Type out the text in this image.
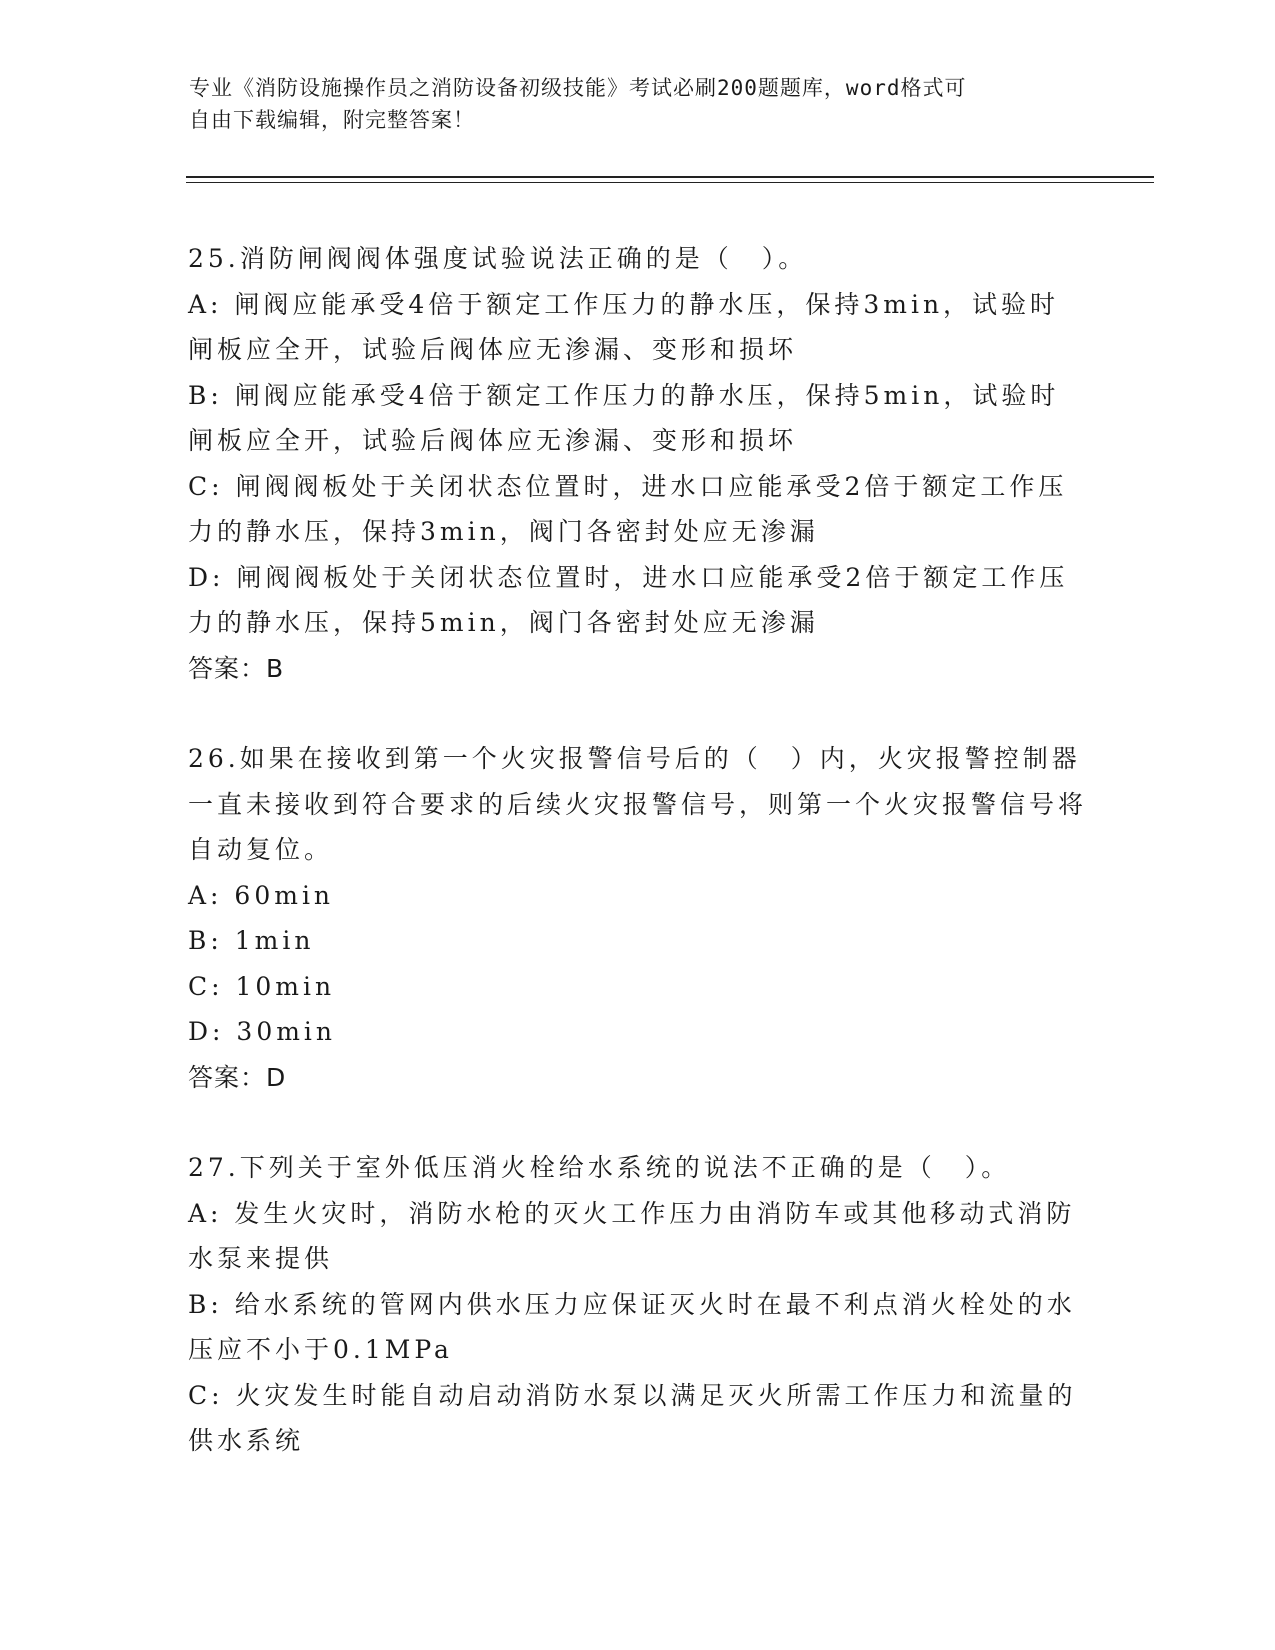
专业《消防设施操作员之消防设备初级技能》考试必刷200题题库，word格式可
自由下载编辑，附完整答案！

25.消防闸阀阀体强度试验说法正确的是（　）。

A: 闸阀应能承受4倍于额定工作压力的静水压，保持3min，试验时闸板应全开，试验后阀体应无渗漏、变形和损坏

B: 闸阀应能承受4倍于额定工作压力的静水压，保持5min，试验时闸板应全开，试验后阀体应无渗漏、变形和损坏

C: 闸阀阀板处于关闭状态位置时，进水口应能承受2倍于额定工作压力的静水压，保持3min，阀门各密封处应无渗漏

D: 闸阀阀板处于关闭状态位置时，进水口应能承受2倍于额定工作压力的静水压，保持5min，阀门各密封处应无渗漏

答案：B

26.如果在接收到第一个火灾报警信号后的（　）内，火灾报警控制器一直未接收到符合要求的后续火灾报警信号，则第一个火灾报警信号将自动复位。

A: 60min

B: 1min

C: 10min

D: 30min

答案：D

27.下列关于室外低压消火栓给水系统的说法不正确的是（　）。

A: 发生火灾时，消防水枪的灭火工作压力由消防车或其他移动式消防水泵来提供

B: 给水系统的管网内供水压力应保证灭火时在最不利点消火栓处的水压应不小于0.1MPa

C: 火灾发生时能自动启动消防水泵以满足灭火所需工作压力和流量的供水系统
